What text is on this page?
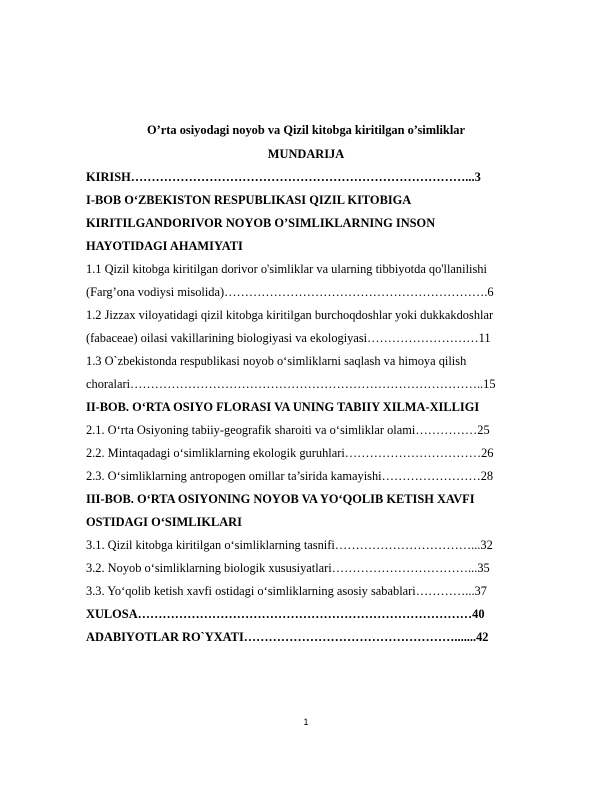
O’rta osiyodagi noyob va Qizil kitobga kiritilgan o’simliklar
MUNDARIJA
KIRISH………………………………………………………………………...3
I-BOB O‘ZBEKISTON RESPUBLIKASI QIZIL KITOBIGA
KIRITILGANDORIVOR NOYOB O’SIMLIKLARNING INSON
HAYOTIDAGI AHAMIYATI
1.1 Qizil kitobga kiritilgan dorivor o'simliklar va ularning tibbiyotda qo'llanilishi
(Farg’ona vodiysi misolida)……………………………………………………….6
1.2 Jizzax viloyatidagi qizil kitobga kiritilgan burchoqdoshlar yoki dukkakdoshlar
(fabaceae) oilasi vakillarining biologiyasi va ekologiyasi………………………11
1.3 O`zbekistonda respublikasi noyob o‘simliklarni saqlash va himoya qilish
choralari…………………………………………………………………………..15
II-BOB. O‘RTA OSIYO FLORASI VA UNING TABIIY XILMA-XILLIGI
2.1. O‘rta Osiyoning tabiiy-geografik sharoiti va o‘simliklar olami……………25
2.2. Mintaqadagi o‘simliklarning ekologik guruhlari……………………………26
2.3. O‘simliklarning antropogen omillar ta’sirida kamayishi……………………28
III-BOB. O‘RTA OSIYONING NOYOB VA YO‘QOLIB KETISH XAVFI
OSTIDAGI O‘SIMLIKLARI
3.1. Qizil kitobga kiritilgan o‘simliklarning tasnifi……………………………...32
3.2. Noyob o‘simliklarning biologik xususiyatlari……………………………...35
3.3. Yo‘qolib ketish xavfi ostidagi o‘simliklarning asosiy sabablari…………...37
XULOSA………………………………………………………………………40
ADABIYOTLAR RO`YXATI…………………………………………….......42
1
